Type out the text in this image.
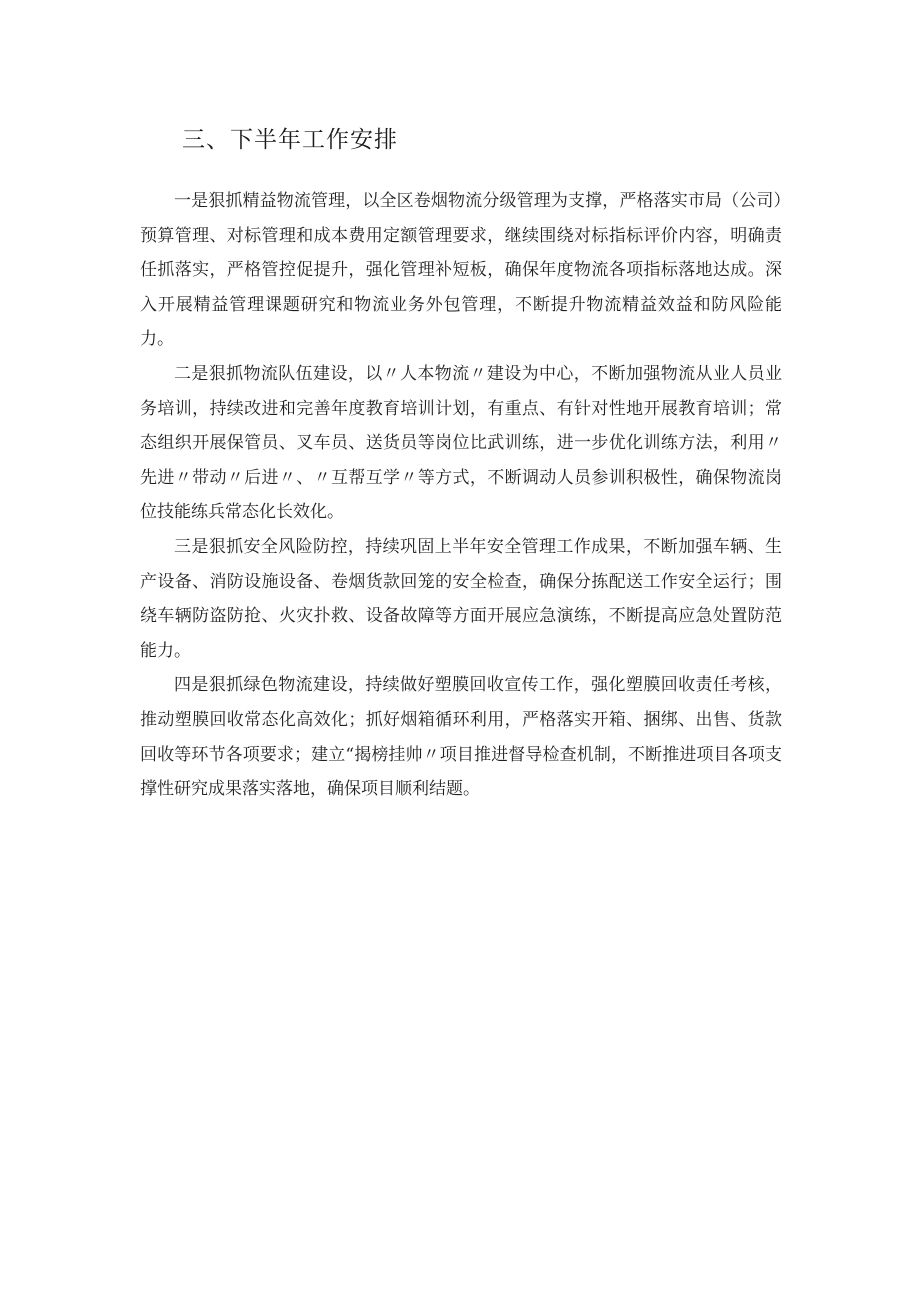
三、下半年工作安排

一是狠抓精益物流管理，以全区卷烟物流分级管理为支撑，严格落实市局（公司）预算管理、对标管理和成本费用定额管理要求，继续围绕对标指标评价内容，明确责任抓落实，严格管控促提升，强化管理补短板，确保年度物流各项指标落地达成。深入开展精益管理课题研究和物流业务外包管理，不断提升物流精益效益和防风险能力。

二是狠抓物流队伍建设，以〃人本物流〃建设为中心，不断加强物流从业人员业务培训，持续改进和完善年度教育培训计划，有重点、有针对性地开展教育培训；常态组织开展保管员、叉车员、送货员等岗位比武训练，进一步优化训练方法，利用〃先进〃带动〃后进〃、〃互帮互学〃等方式，不断调动人员参训积极性，确保物流岗位技能练兵常态化长效化。

三是狠抓安全风险防控，持续巩固上半年安全管理工作成果，不断加强车辆、生产设备、消防设施设备、卷烟货款回笼的安全检查，确保分拣配送工作安全运行；围绕车辆防盗防抢、火灾扑救、设备故障等方面开展应急演练，不断提高应急处置防范能力。

四是狠抓绿色物流建设，持续做好塑膜回收宣传工作，强化塑膜回收责任考核，推动塑膜回收常态化高效化；抓好烟箱循环利用，严格落实开箱、捆绑、出售、货款回收等环节各项要求；建立“揭榜挂帅〃项目推进督导检查机制，不断推进项目各项支撑性研究成果落实落地，确保项目顺利结题。
